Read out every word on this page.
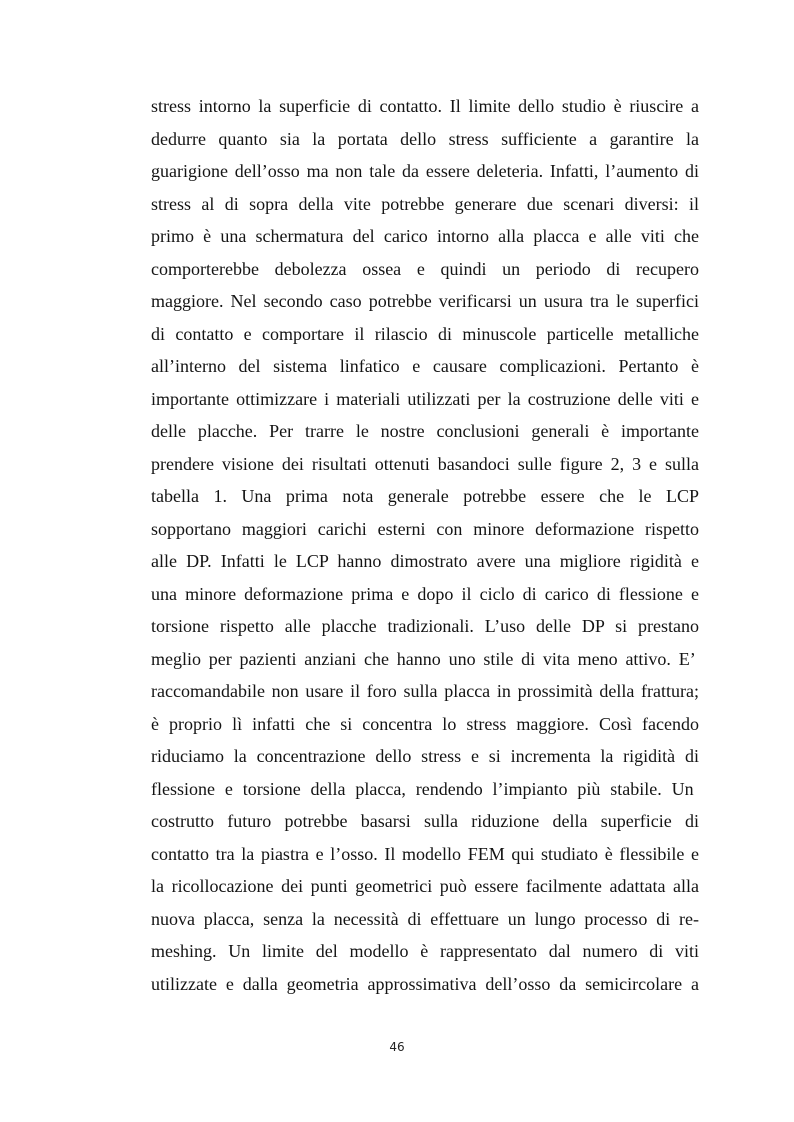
stress intorno la superficie di contatto. Il limite dello studio è riuscire a
dedurre quanto sia la portata dello stress sufficiente a garantire la
guarigione dell’osso ma non tale da essere deleteria. Infatti, l’aumento di
stress al di sopra della vite potrebbe generare due scenari diversi: il
primo è una schermatura del carico intorno alla placca e alle viti che
comporterebbe debolezza ossea e quindi un periodo di recupero
maggiore. Nel secondo caso potrebbe verificarsi un usura tra le superfici
di contatto e comportare il rilascio di minuscole particelle metalliche
all’interno del sistema linfatico e causare complicazioni. Pertanto è
importante ottimizzare i materiali utilizzati per la costruzione delle viti e
delle placche. Per trarre le nostre conclusioni generali è importante
prendere visione dei risultati ottenuti basandoci sulle figure 2, 3 e sulla
tabella 1. Una prima nota generale potrebbe essere che le LCP
sopportano maggiori carichi esterni con minore deformazione rispetto
alle DP. Infatti le LCP hanno dimostrato avere una migliore rigidità e
una minore deformazione prima e dopo il ciclo di carico di flessione e
torsione rispetto alle placche tradizionali. L’uso delle DP si prestano
meglio per pazienti anziani che hanno uno stile di vita meno attivo. E’
raccomandabile non usare il foro sulla placca in prossimità della frattura;
è proprio lì infatti che si concentra lo stress maggiore. Così facendo
riduciamo la concentrazione dello stress e si incrementa la rigidità di
flessione e torsione della placca, rendendo l’impianto più stabile. Un
costrutto futuro potrebbe basarsi sulla riduzione della superficie di
contatto tra la piastra e l’osso. Il modello FEM qui studiato è flessibile e
la ricollocazione dei punti geometrici può essere facilmente adattata alla
nuova placca, senza la necessità di effettuare un lungo processo di re-
meshing. Un limite del modello è rappresentato dal numero di viti
utilizzate e dalla geometria approssimativa dell’osso da semicircolare a
46
